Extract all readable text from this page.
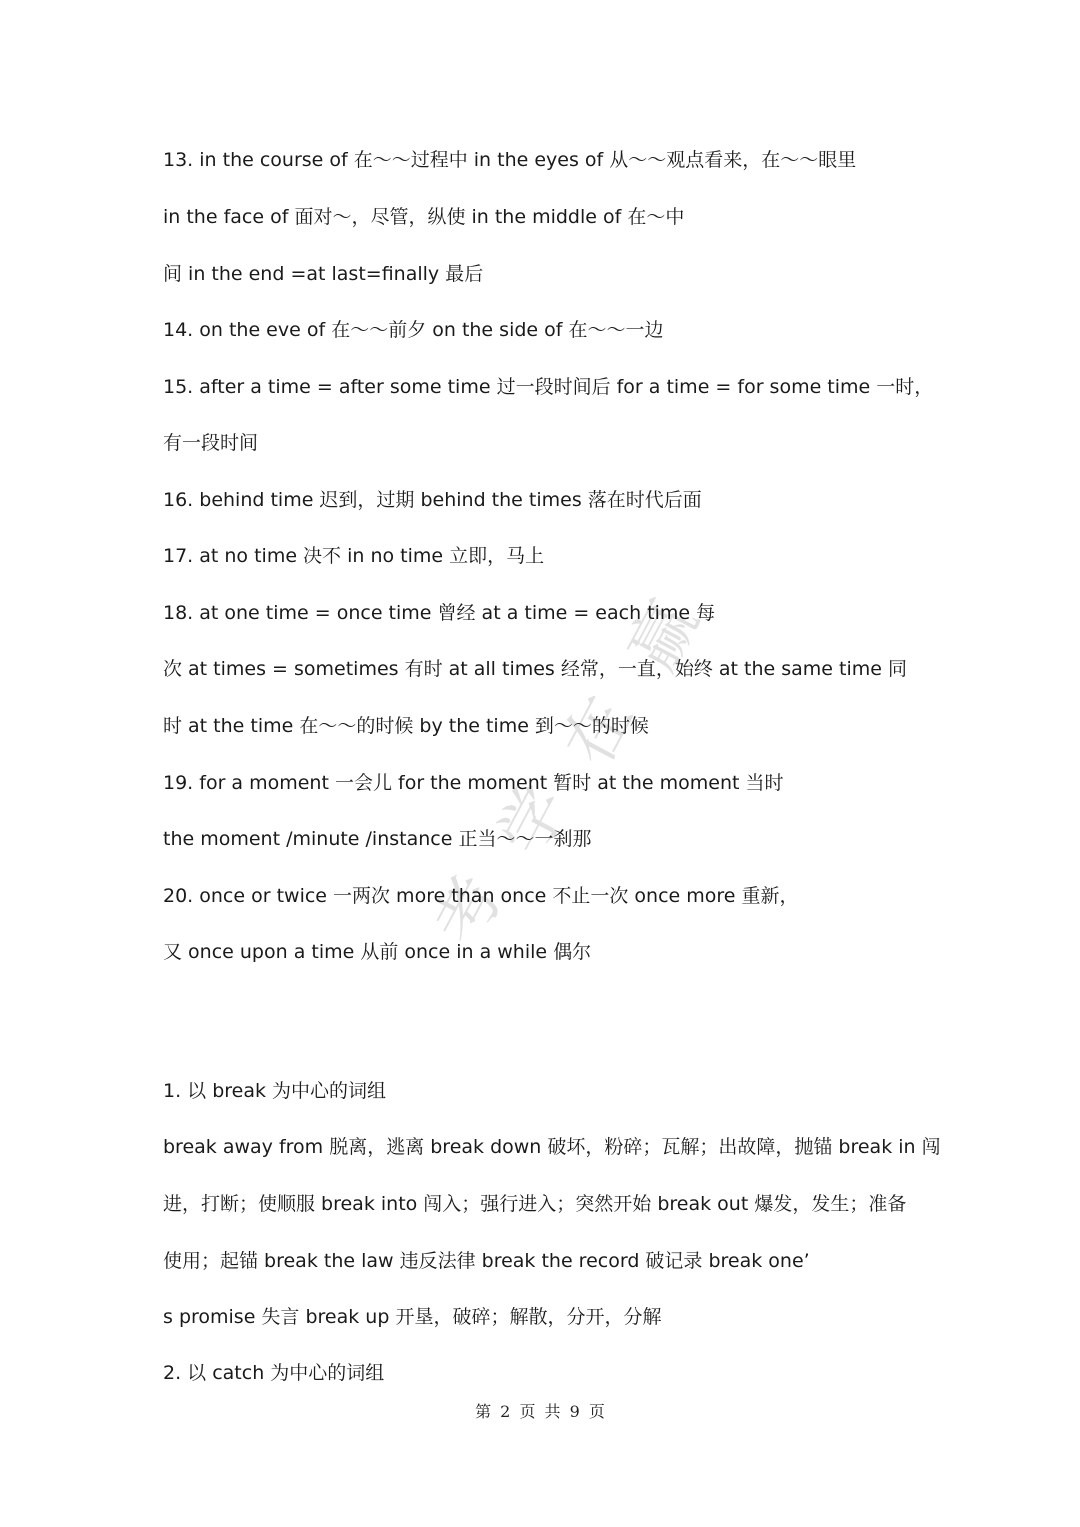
赢
在
学
考
13. in the course of 在～～过程中 in the eyes of 从～～观点看来，在～～眼里
in the face of 面对～，尽管，纵使 in the middle of 在～中
间 in the end =at last=finally 最后
14. on the eve of 在～～前夕 on the side of 在～～一边
15. after a time = after some time 过一段时间后 for a time = for some time 一时，
有一段时间
16. behind time 迟到，过期 behind the times 落在时代后面
17. at no time 决不 in no time 立即，马上
18. at one time = once time 曾经 at a time = each time 每
次 at times = sometimes 有时 at all times 经常，一直，始终 at the same time 同
时 at the time 在～～的时候 by the time 到～～的时候
19. for a moment 一会儿 for the moment 暂时 at the moment 当时
the moment /minute /instance 正当～～一刹那
20. once or twice 一两次 more than once 不止一次 once more 重新，
又 once upon a time 从前 once in a while 偶尔
1. 以 break 为中心的词组
break away from 脱离，逃离 break down 破坏，粉碎；瓦解；出故障，抛锚 break in 闯
进，打断；使顺服 break into 闯入；强行进入；突然开始 break out 爆发，发生；准备
使用；起锚 break the law 违反法律 break the record 破记录 break one’
s promise 失言 break up 开垦，破碎；解散，分开，分解
2. 以 catch 为中心的词组
第 2 页 共 9 页
